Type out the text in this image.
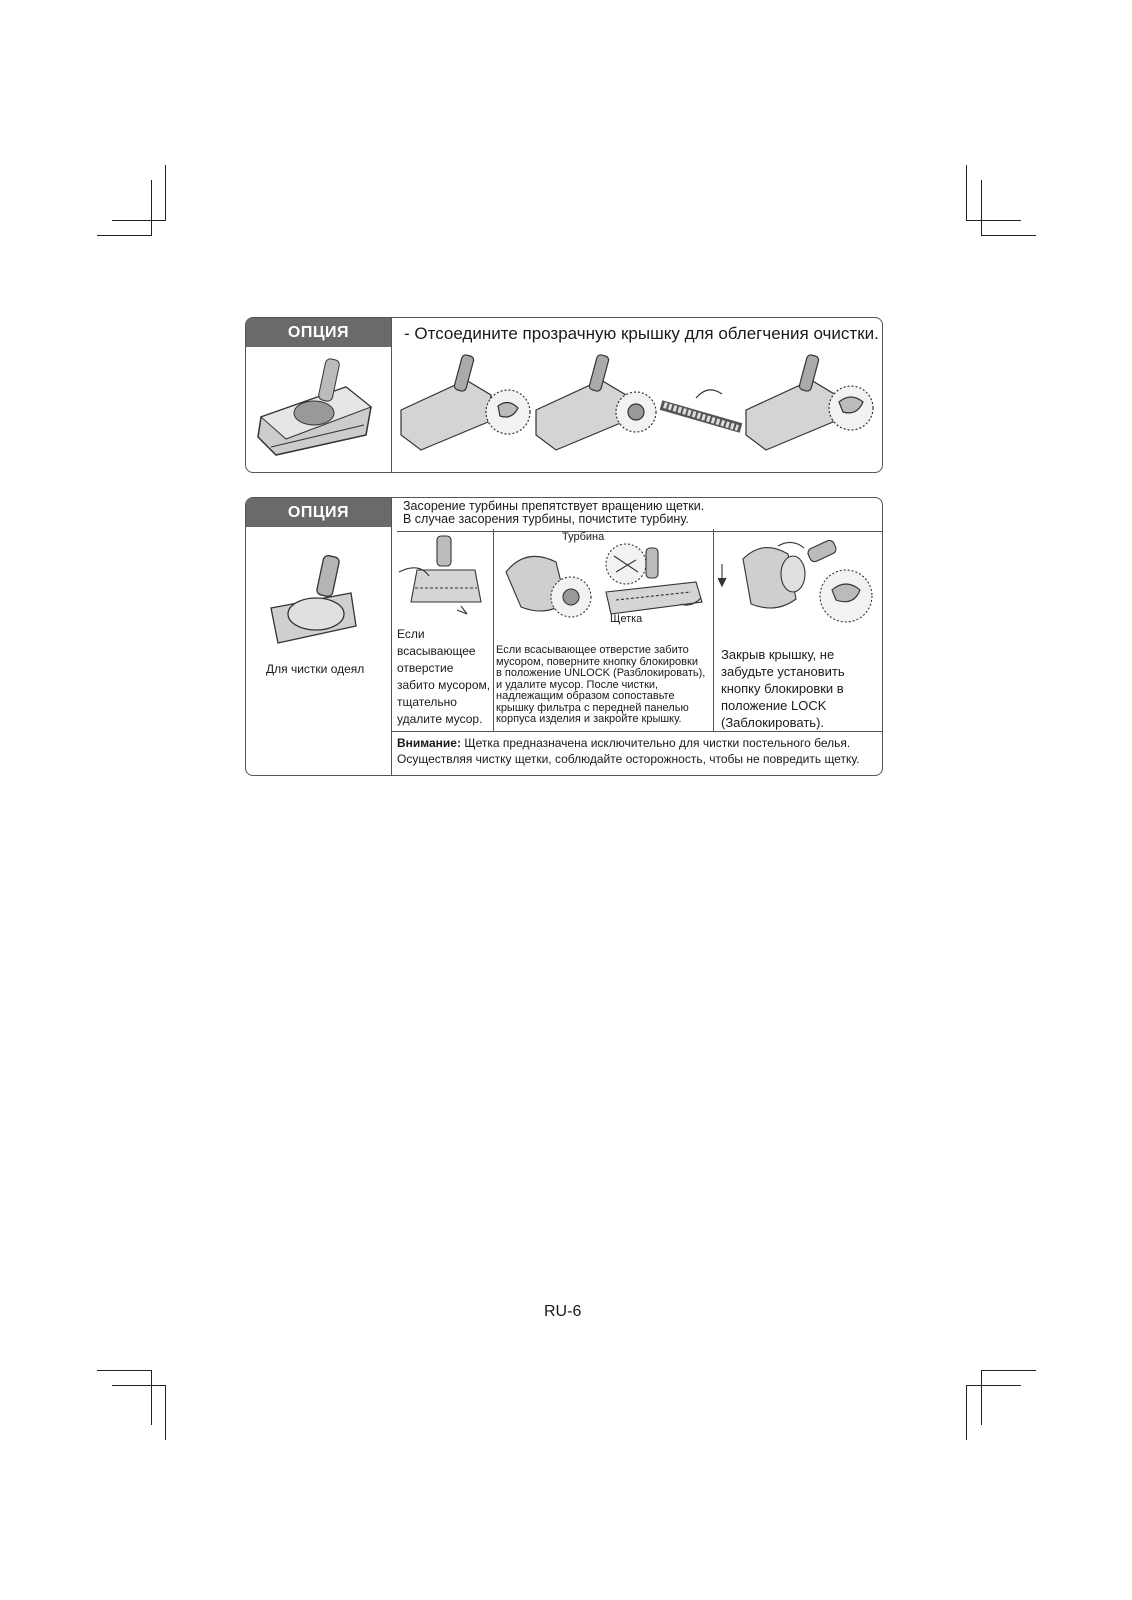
ОПЦИЯ	- Отсоедините прозрачную крышку для облегчения очистки.
ОПЦИЯ
Для чистки одеял
Засорение турбины препятствует вращению щетки.
В случае засорения турбины, почистите турбину.
Если
всасывающее
отверстие
забито мусором,
тщательно
удалите мусор.
Турбина
Щетка
Если всасывающее отверстие забито
мусором, поверните кнопку блокировки
в положение UNLOCK (Разблокировать),
и удалите мусор. После чистки,
надлежащим образом сопоставьте
крышку фильтра с передней панелью
корпуса изделия и закройте крышку.
Закрыв крышку, не
забудьте установить
кнопку блокировки в
положение LOCK
(Заблокировать).
Внимание: Щетка предназначена исключительно для чистки постельного белья.
Осуществляя чистку щетки, соблюдайте осторожность, чтобы не повредить щетку.
RU-6
